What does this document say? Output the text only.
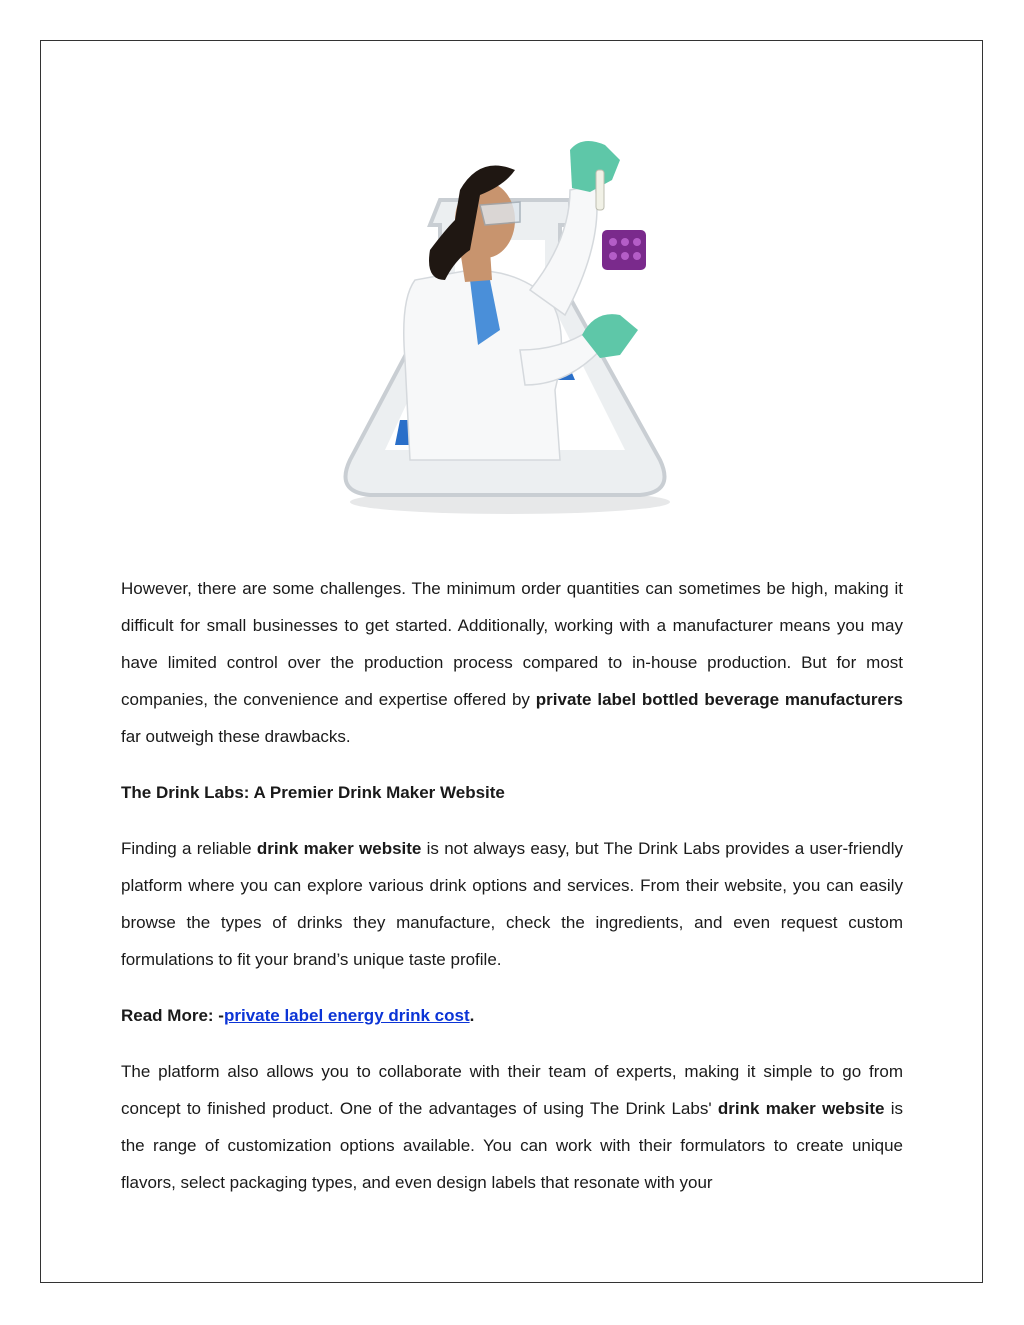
However, there are some challenges. The minimum order quantities can sometimes be high, making it difficult for small businesses to get started. Additionally, working with a manufacturer means you may have limited control over the production process compared to in-house production. But for most companies, the convenience and expertise offered by private label bottled beverage manufacturers far outweigh these drawbacks.

The Drink Labs: A Premier Drink Maker Website

Finding a reliable drink maker website is not always easy, but The Drink Labs provides a user-friendly platform where you can explore various drink options and services. From their website, you can easily browse the types of drinks they manufacture, check the ingredients, and even request custom formulations to fit your brand’s unique taste profile.

Read More: -private label energy drink cost.

The platform also allows you to collaborate with their team of experts, making it simple to go from concept to finished product. One of the advantages of using The Drink Labs' drink maker website is the range of customization options available. You can work with their formulators to create unique flavors, select packaging types, and even design labels that resonate with your
